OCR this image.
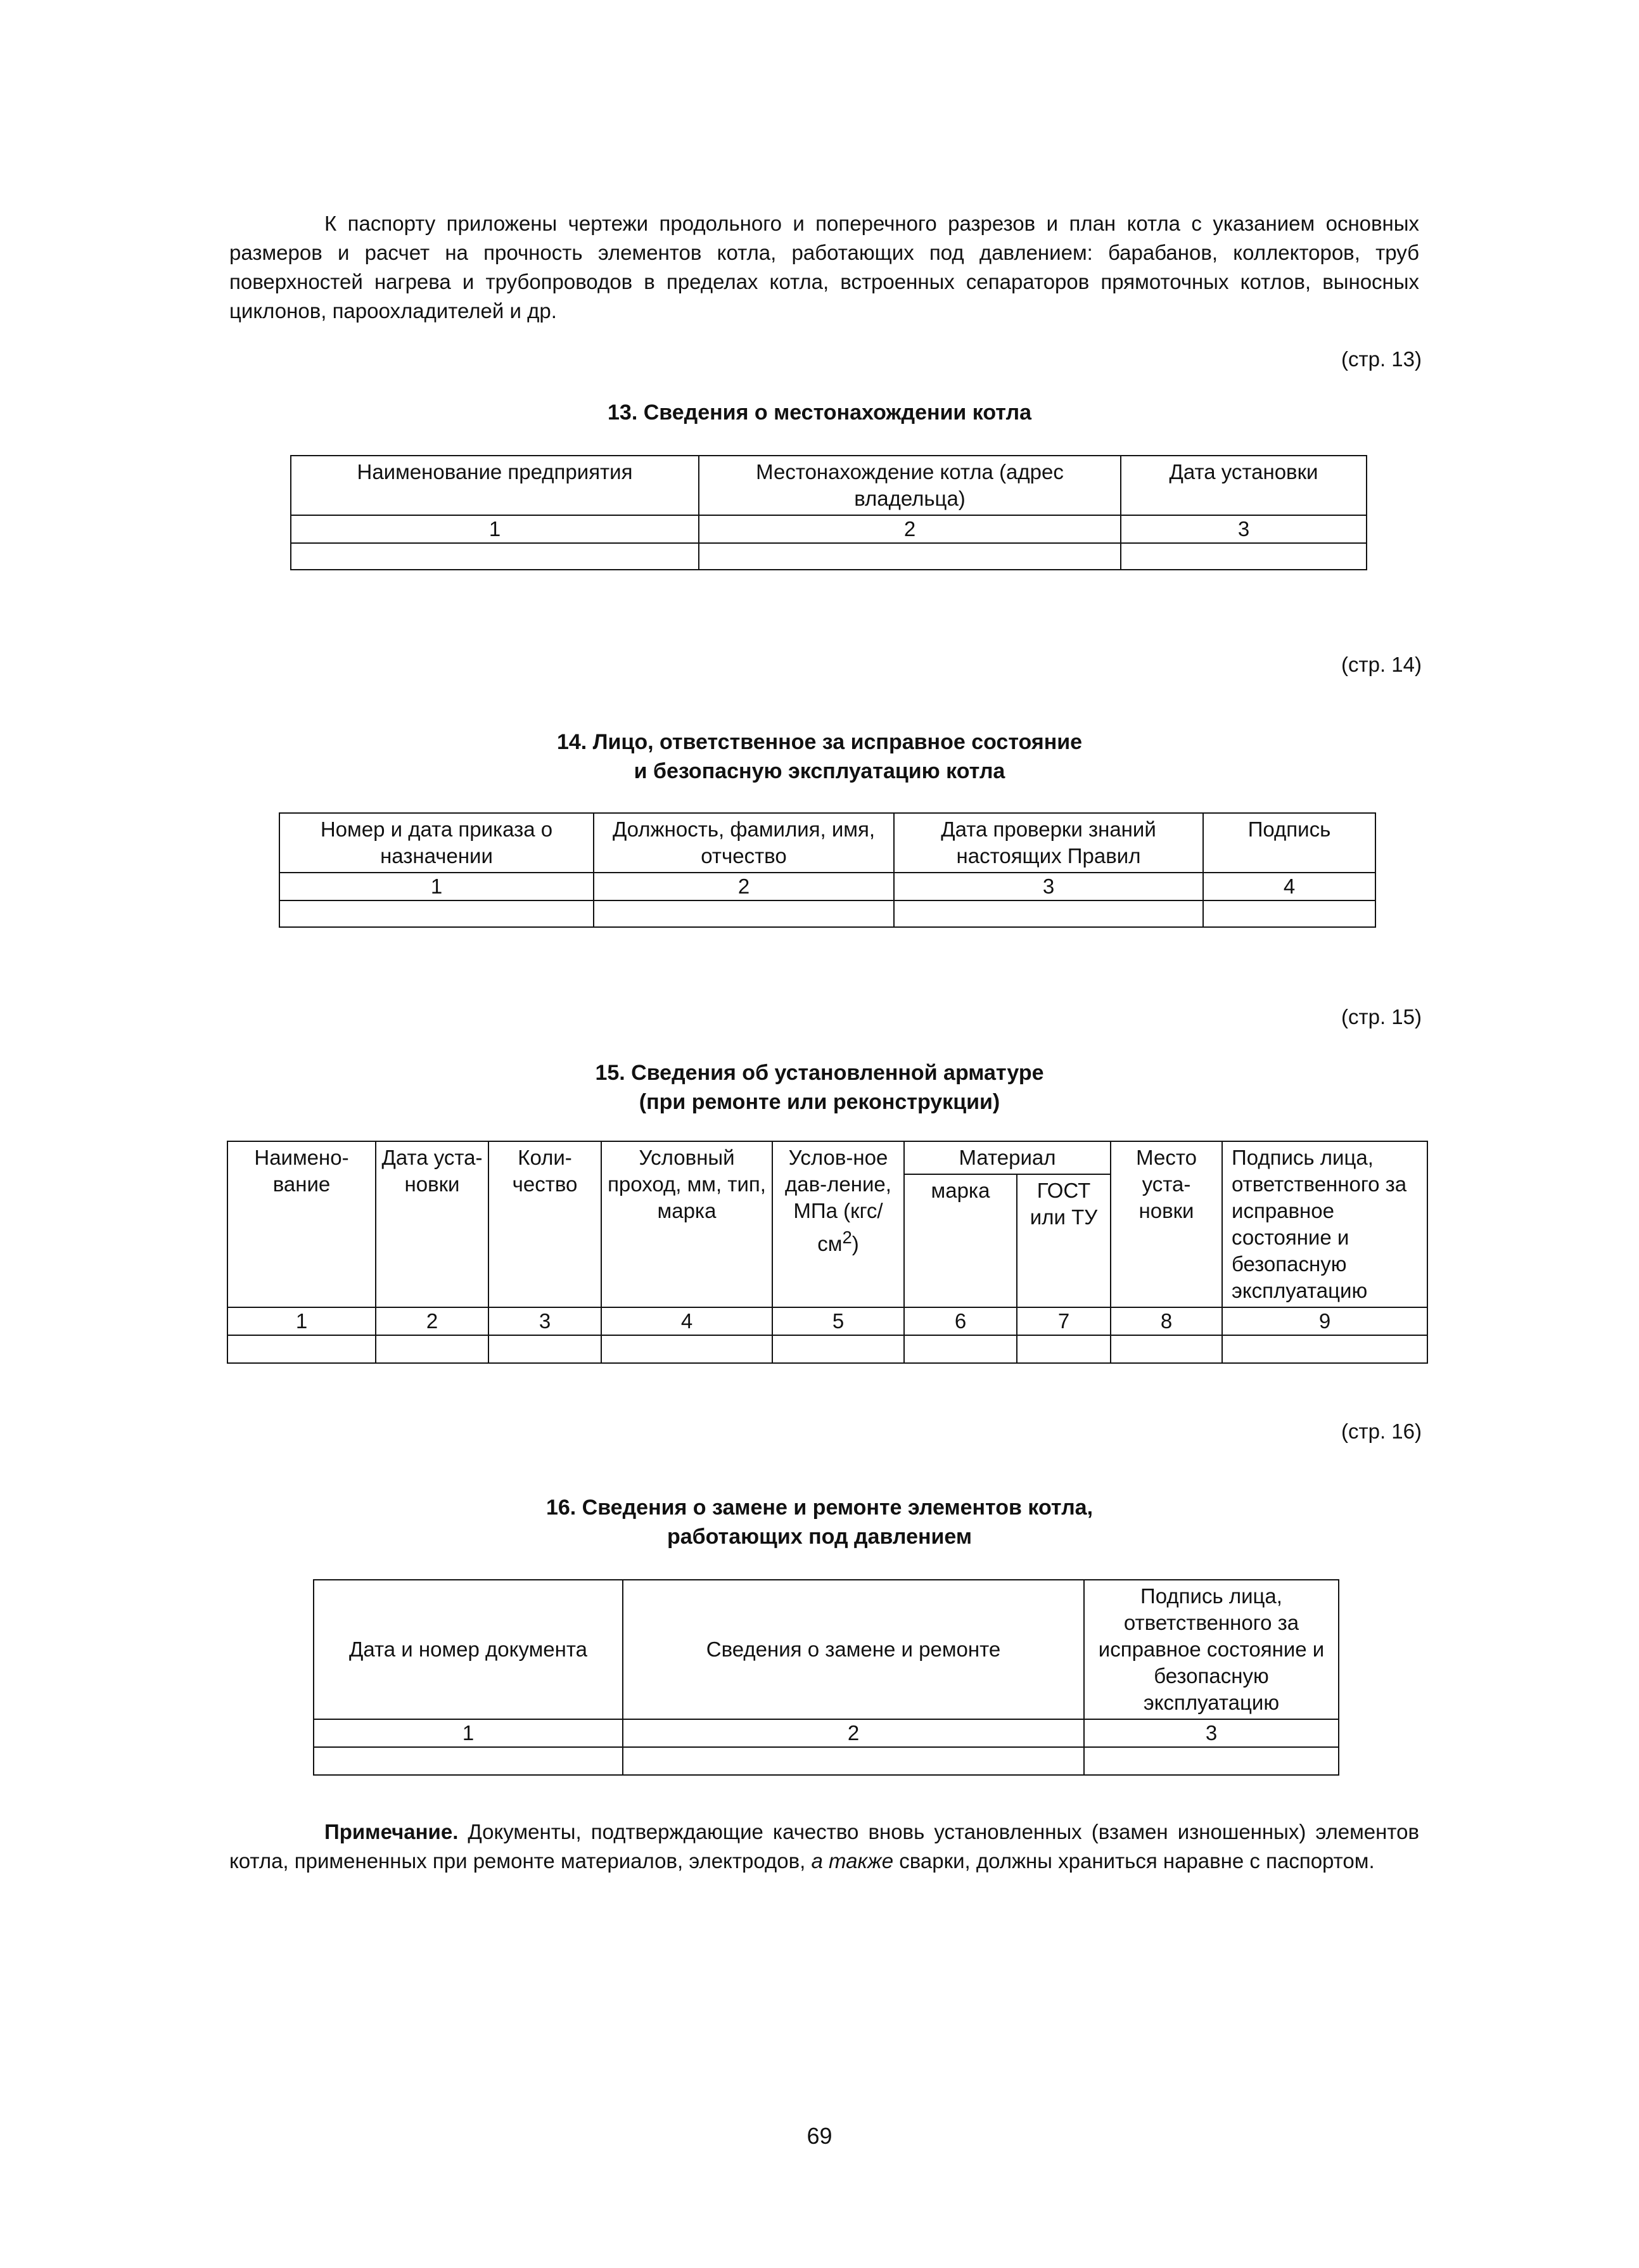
К паспорту приложены чертежи продольного и поперечного разрезов и план котла с указанием основных размеров и расчет на прочность элементов котла, работающих под давлением: барабанов, коллекторов, труб поверхностей нагрева и трубопроводов в пределах котла, встроенных сепараторов прямоточных котлов, выносных циклонов, пароохладителей и др.

(стр. 13)

13. Сведения о местонахождении котла

Наименование предприятия	Местонахождение котла (адрес владельца)	Дата установки
1	2	3

(стр. 14)

14. Лицо, ответственное за исправное состояние
и безопасную эксплуатацию котла

Номер и дата приказа о назначении	Должность, фамилия, имя, отчество	Дата проверки знаний настоящих Правил	Подпись
1	2	3	4

(стр. 15)

15. Сведения об установленной арматуре
(при ремонте или реконструкции)

Наимено-вание	Дата уста-новки	Коли-чество	Условный проход, мм, тип, марка	Услов-ное дав-ление, МПа $(кгс/см^2)$	Материал		Место уста-новки	Подпись лица, ответственного за исправное состояние и безопасную эксплуатацию
					марка	ГОСТ или ТУ		
1	2	3	4	5	6	7	8	9

(стр. 16)

16. Сведения о замене и ремонте элементов котла,
работающих под давлением

Дата и номер документа	Сведения о замене и ремонте	Подпись лица, ответственного за исправное состояние и безопасную эксплуатацию
1	2	3

Примечание. Документы, подтверждающие качество вновь установленных (взамен изношенных) элементов котла, примененных при ремонте материалов, электродов, а также сварки, должны храниться наравне с паспортом.

69
